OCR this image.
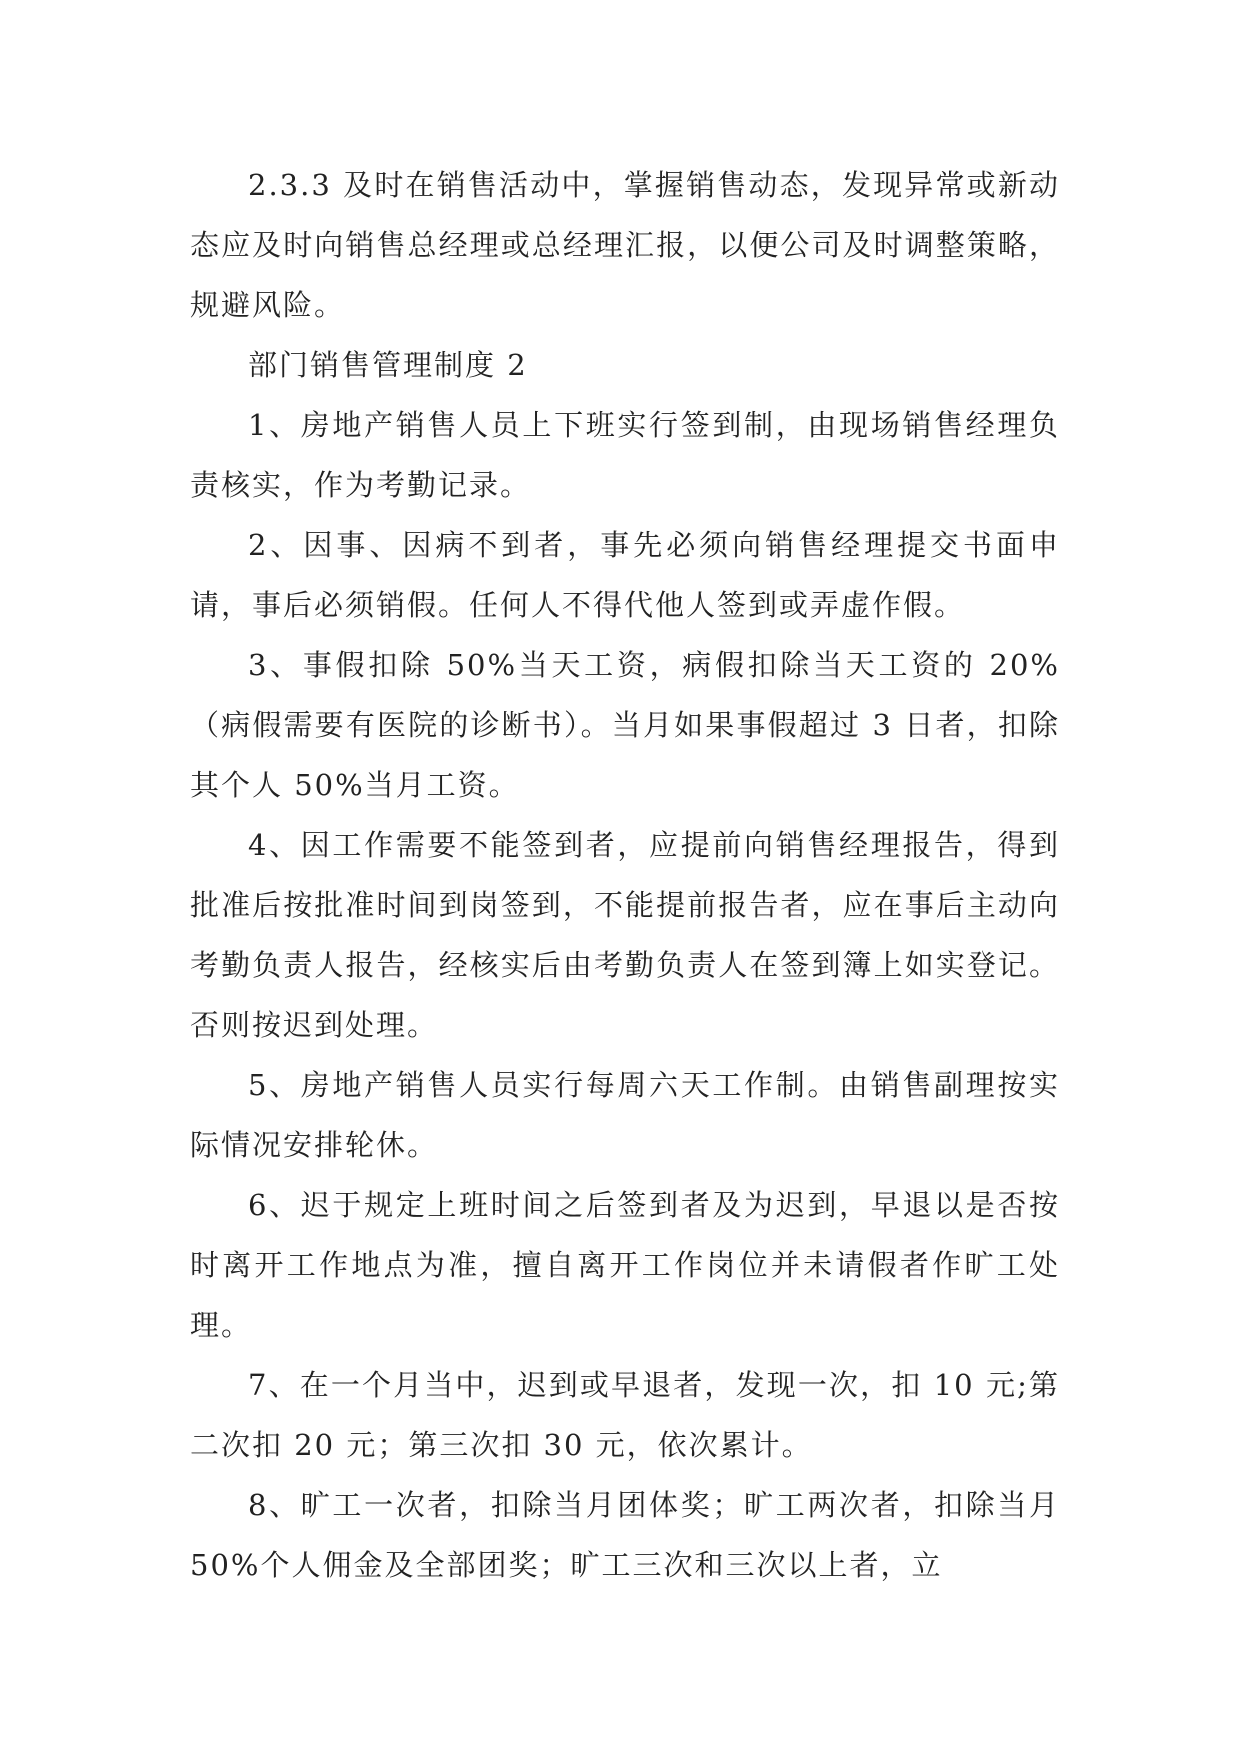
2.3.3 及时在销售活动中，掌握销售动态，发现异常或新动态应及时向销售总经理或总经理汇报，以便公司及时调整策略，规避风险。

部门销售管理制度 2

1、房地产销售人员上下班实行签到制，由现场销售经理负责核实，作为考勤记录。

2、因事、因病不到者，事先必须向销售经理提交书面申请，事后必须销假。任何人不得代他人签到或弄虚作假。

3、事假扣除 50%当天工资，病假扣除当天工资的 20%（病假需要有医院的诊断书）。当月如果事假超过 3 日者，扣除其个人 50%当月工资。

4、因工作需要不能签到者，应提前向销售经理报告，得到批准后按批准时间到岗签到，不能提前报告者，应在事后主动向考勤负责人报告，经核实后由考勤负责人在签到簿上如实登记。否则按迟到处理。

5、房地产销售人员实行每周六天工作制。由销售副理按实际情况安排轮休。

6、迟于规定上班时间之后签到者及为迟到，早退以是否按时离开工作地点为准，擅自离开工作岗位并未请假者作旷工处理。

7、在一个月当中，迟到或早退者，发现一次，扣 10 元;第二次扣 20 元；第三次扣 30 元，依次累计。

8、旷工一次者，扣除当月团体奖；旷工两次者，扣除当月 50%个人佣金及全部团奖；旷工三次和三次以上者，立
